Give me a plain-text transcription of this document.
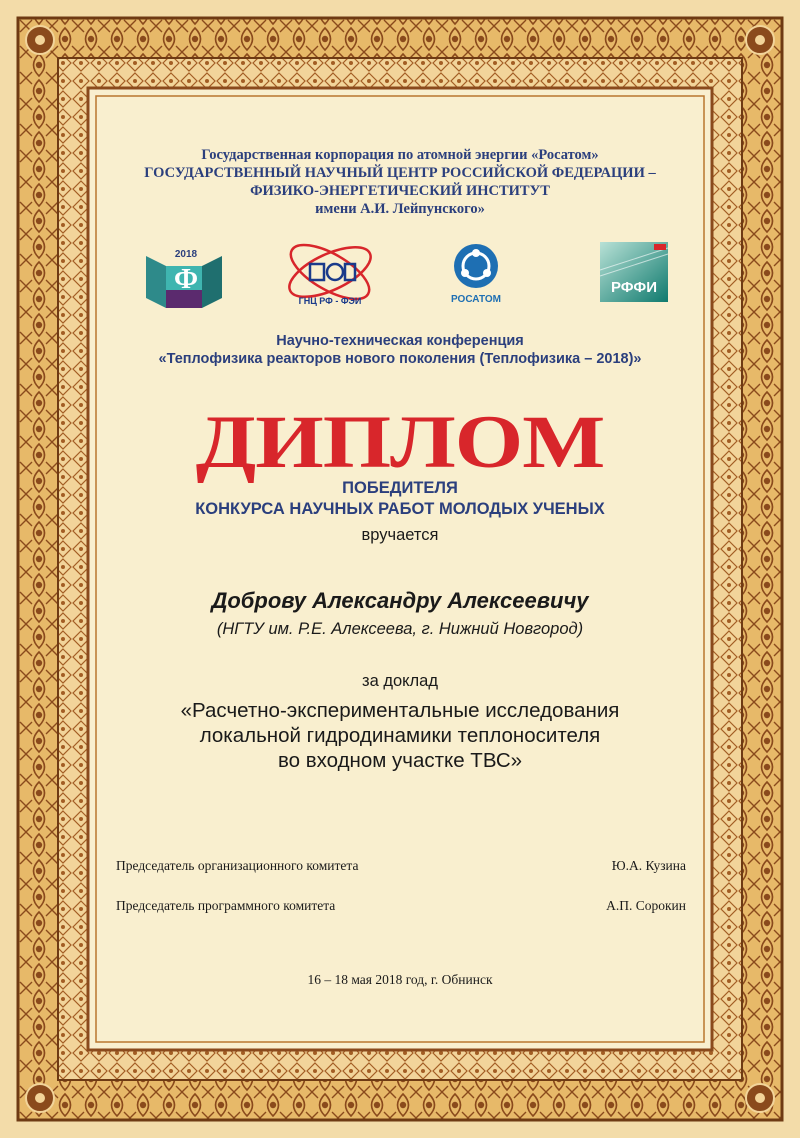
Государственная корпорация по атомной энергии «Росатом»
ГОСУДАРСТВЕННЫЙ НАУЧНЫЙ ЦЕНТР РОССИЙСКОЙ ФЕДЕРАЦИИ –
ФИЗИКО-ЭНЕРГЕТИЧЕСКИЙ ИНСТИТУТ
имени А.И. Лейпунского»
Ф
2018
ГНЦ РФ - ФЭИ	РОСАТОМ
РФФИ
Научно-техническая конференция
«Теплофизика реакторов нового поколения (Теплофизика – 2018)»
ДИПЛОМ
ПОБЕДИТЕЛЯ
КОНКУРСА НАУЧНЫХ РАБОТ МОЛОДЫХ УЧЕНЫХ
вручается
Доброву Александру Алексеевичу
(НГТУ им. Р.Е. Алексеева, г. Нижний Новгород)
за доклад
«Расчетно-экспериментальные исследования
локальной гидродинамики теплоносителя
во входном участке ТВС»
Председатель организационного комитета	Ю.А. Кузина
Председатель программного комитета	А.П. Сорокин
16 – 18 мая 2018 год, г. Обнинск
